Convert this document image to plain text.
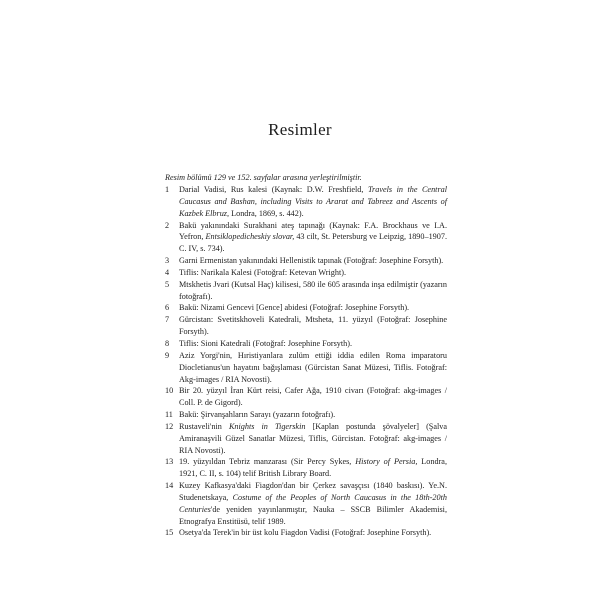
Resimler
Resim bölümü 129 ve 152. sayfalar arasına yerleştirilmiştir.
1	Darial Vadisi, Rus kalesi (Kaynak: D.W. Freshfield, Travels in the Central Caucasus and Bashan, including Visits to Ararat and Tabreez and Ascents of Kazbek Elbruz, Londra, 1869, s. 442).
2	Bakü yakınındaki Surakhani ateş tapınağı (Kaynak: F.A. Brockhaus ve I.A. Yefron, Entsiklopedicheskiy slovar, 43 cilt, St. Petersburg ve Leipzig, 1890–1907. C. IV, s. 734).
3	Garni Ermenistan yakınındaki Hellenistik tapınak (Fotoğraf: Josephine Forsyth).
4	Tiflis: Narikala Kalesi (Fotoğraf: Ketevan Wright).
5	Mtskhetis Jvari (Kutsal Haç) kilisesi, 580 ile 605 arasında inşa edilmiştir (yazarın fotoğrafı).
6	Bakü: Nizami Gencevi [Gence] abidesi (Fotoğraf: Josephine Forsyth).
7	Gürcistan: Svetitskhoveli Katedrali, Mtsheta, 11. yüzyıl (Fotoğraf: Josephine Forsyth).
8	Tiflis: Sioni Katedrali (Fotoğraf: Josephine Forsyth).
9	Aziz Yorgi'nin, Hıristiyanlara zulüm ettiği iddia edilen Roma imparatoru Diocletianus'un hayatını bağışlaması (Gürcistan Sanat Müzesi, Tiflis. Fotoğraf: Akg-images / RIA Novosti).
10 Bir 20. yüzyıl İran Kürt reisi, Cafer Ağa, 1910 civarı (Fotoğraf: akg-images / Coll. P. de Gigord).
11 Bakü: Şirvanşahların Sarayı (yazarın fotoğrafı).
12 Rustaveli'nin Knights in Tigerskin [Kaplan postunda şövalyeler] (Şalva Amiranaşvili Güzel Sanatlar Müzesi, Tiflis, Gürcistan. Fotoğraf: akg-images / RIA Novosti).
13 19. yüzyıldan Tebriz manzarası (Sir Percy Sykes, History of Persia, Londra, 1921, C. II, s. 104) telif British Library Board.
14 Kuzey Kafkasya'daki Fiagdon'dan bir Çerkez savaşçısı (1840 baskısı). Ye.N. Studenetskaya, Costume of the Peoples of North Caucasus in the 18th-20th Centuries'de yeniden yayınlanmıştır, Nauka – SSCB Bilimler Akademisi, Etnografya Enstitüsü, telif 1989.
15 Osetya'da Terek'in bir üst kolu Fiagdon Vadisi (Fotoğraf: Josephine Forsyth).
